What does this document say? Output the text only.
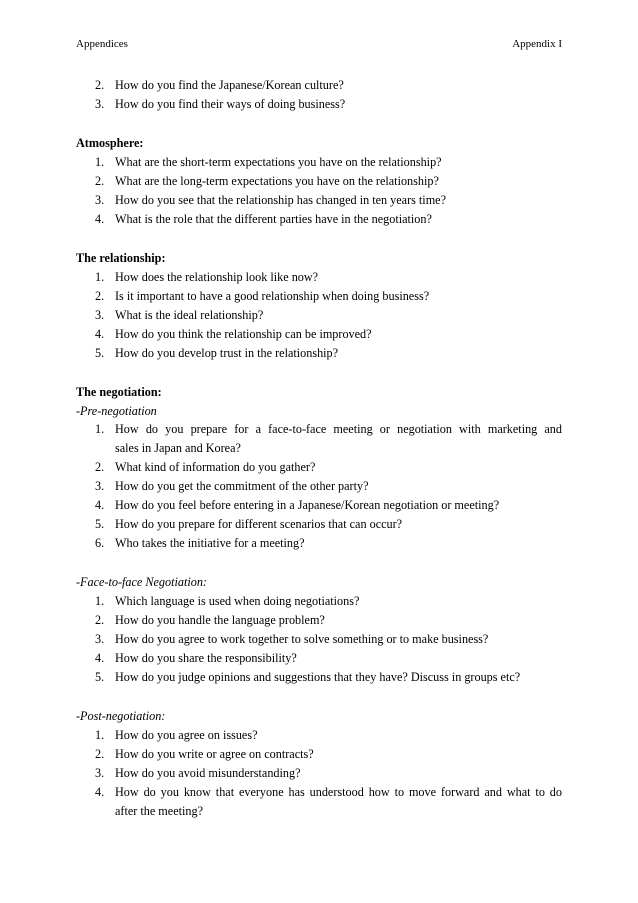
Appendices	Appendix I
2. How do you find the Japanese/Korean culture?
3. How do you find their ways of doing business?
Atmosphere:
1. What are the short-term expectations you have on the relationship?
2. What are the long-term expectations you have on the relationship?
3. How do you see that the relationship has changed in ten years time?
4. What is the role that the different parties have in the negotiation?
The relationship:
1. How does the relationship look like now?
2. Is it important to have a good relationship when doing business?
3. What is the ideal relationship?
4. How do you think the relationship can be improved?
5. How do you develop trust in the relationship?
The negotiation:
-Pre-negotiation
1. How do you prepare for a face-to-face meeting or negotiation with marketing and
sales in Japan and Korea?
2. What kind of information do you gather?
3. How do you get the commitment of the other party?
4. How do you feel before entering in a Japanese/Korean negotiation or meeting?
5. How do you prepare for different scenarios that can occur?
6. Who takes the initiative for a meeting?
-Face-to-face Negotiation:
1. Which language is used when doing negotiations?
2. How do you handle the language problem?
3. How do you agree to work together to solve something or to make business?
4. How do you share the responsibility?
5. How do you judge opinions and suggestions that they have? Discuss in groups etc?
-Post-negotiation:
1. How do you agree on issues?
2. How do you write or agree on contracts?
3. How do you avoid misunderstanding?
4. How do you know that everyone has understood how to move forward and what to do
after the meeting?
